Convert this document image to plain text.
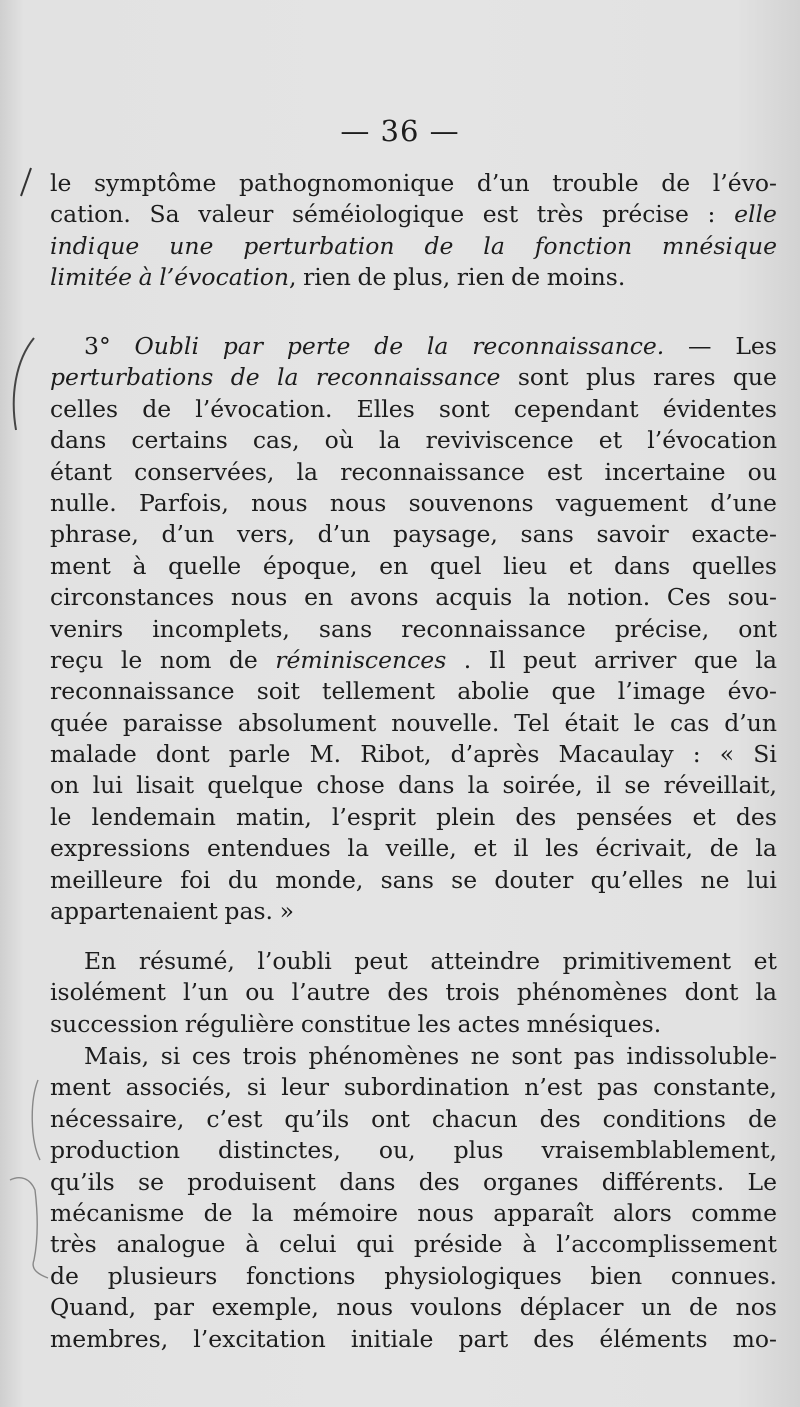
— 36 —
le symptôme pathognomonique d’un trouble de l’évo-
cation. Sa valeur séméiologique est très précise : elle
indique une perturbation de la fonction mnésique
limitée à l’évocation , rien de plus, rien de moins.
3° Oubli par perte de la reconnaissance. — Les
perturbations de la reconnaissance sont plus rares que
celles de l’évocation. Elles sont cependant évidentes
dans certains cas, où la reviviscence et l’évocation
étant conservées, la reconnaissance est incertaine ou
nulle. Parfois, nous nous souvenons vaguement d’une
phrase, d’un vers, d’un paysage, sans savoir exacte-
ment à quelle époque, en quel lieu et dans quelles
circonstances nous en avons acquis la notion. Ces sou-
venirs incomplets, sans reconnaissance précise, ont
reçu le nom de réminiscences . Il peut arriver que la
reconnaissance soit tellement abolie que l’image évo-
quée paraisse absolument nouvelle. Tel était le cas d’un
malade dont parle M. Ribot, d’après Macaulay : « Si
on lui lisait quelque chose dans la soirée, il se réveillait,
le lendemain matin, l’esprit plein des pensées et des
expressions entendues la veille, et il les écrivait, de la
meilleure foi du monde, sans se douter qu’elles ne lui
appartenaient pas. »
En résumé, l’oubli peut atteindre primitivement et
isolément l’un ou l’autre des trois phénomènes dont la
succession régulière constitue les actes mnésiques.
Mais, si ces trois phénomènes ne sont pas indissoluble-
ment associés, si leur subordination n’est pas constante,
nécessaire, c’est qu’ils ont chacun des conditions de
production distinctes, ou, plus vraisemblablement,
qu’ils se produisent dans des organes différents. Le
mécanisme de la mémoire nous apparaît alors comme
très analogue à celui qui préside à l’accomplissement
de plusieurs fonctions physiologiques bien connues.
Quand, par exemple, nous voulons déplacer un de nos
membres, l’excitation initiale part des éléments mo-
